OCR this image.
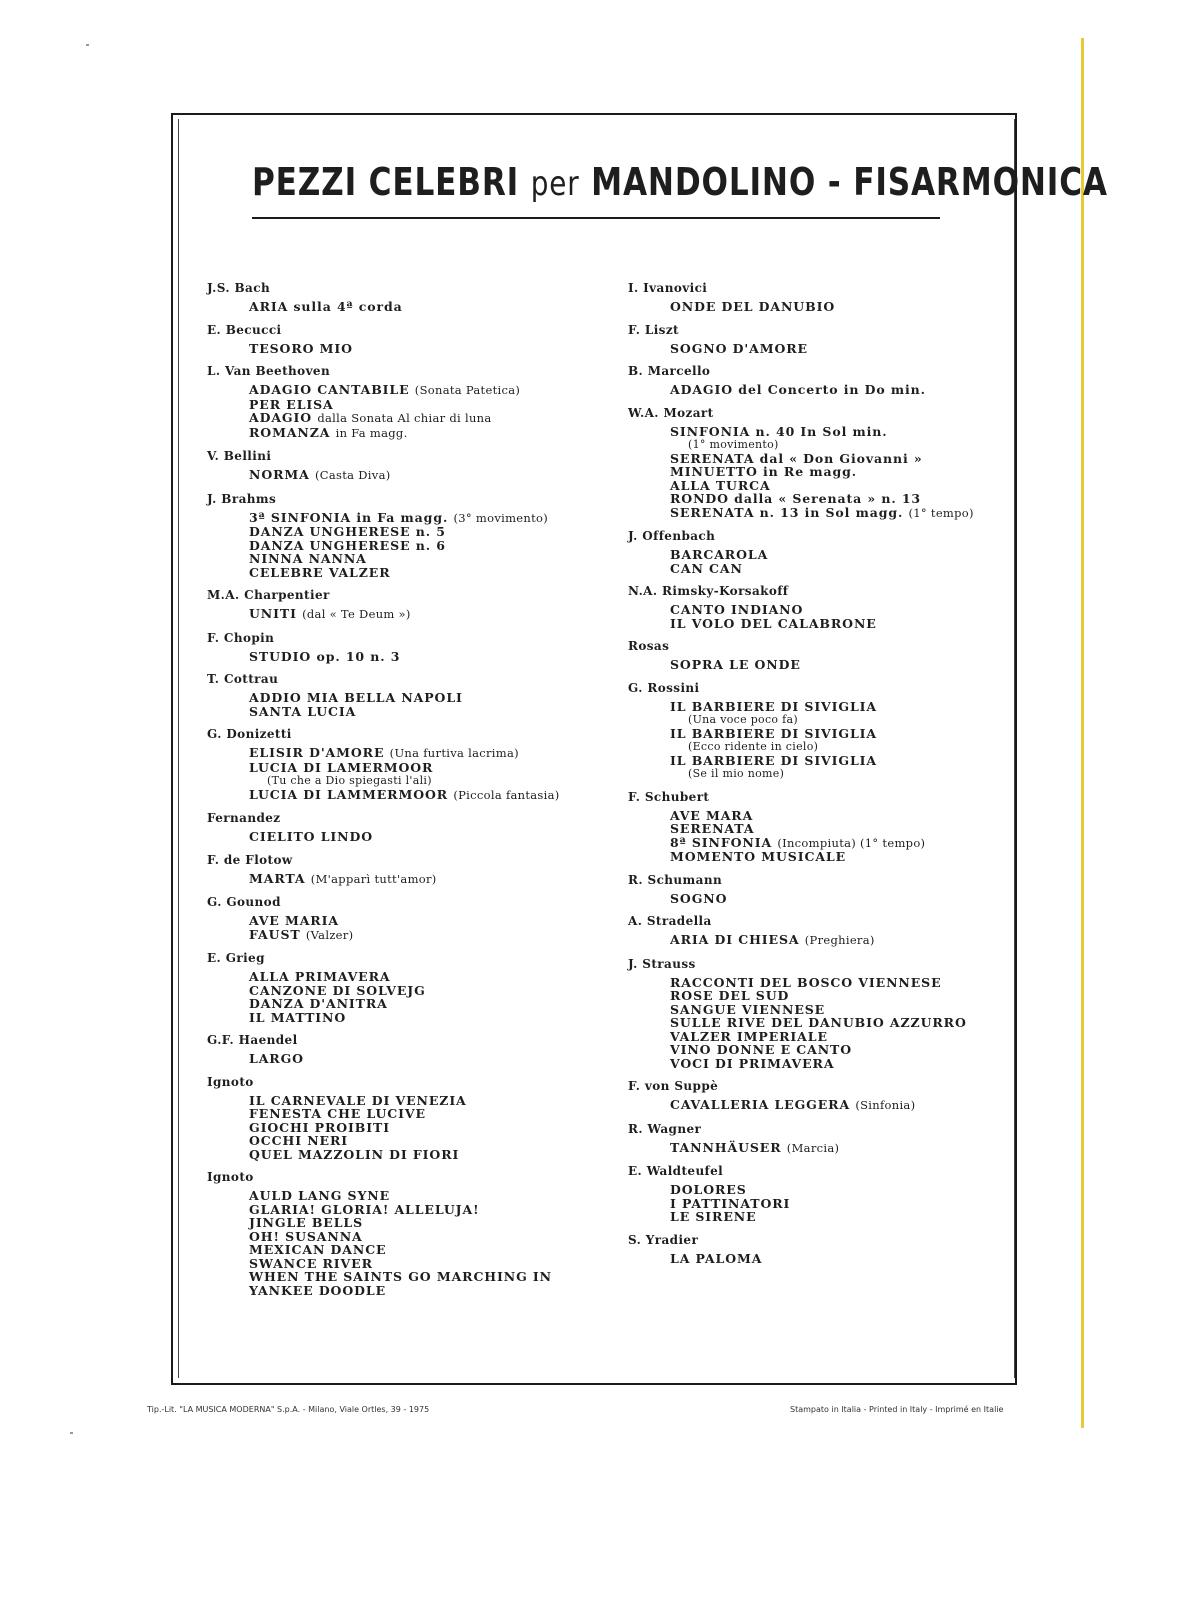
PEZZI CELEBRI per MANDOLINO - FISARMONICA
J.S. Bach
ARIA sulla 4ª corda
E. Becucci
TESORO MIO
L. Van Beethoven
ADAGIO CANTABILE (Sonata Patetica)
PER ELISA
ADAGIO dalla Sonata Al chiar di luna
ROMANZA in Fa magg.
V. Bellini
NORMA (Casta Diva)
J. Brahms
3ª SINFONIA in Fa magg. (3° movimento)
DANZA UNGHERESE n. 5
DANZA UNGHERESE n. 6
NINNA NANNA
CELEBRE VALZER
M.A. Charpentier
UNITI (dal « Te Deum »)
F. Chopin
STUDIO op. 10 n. 3
T. Cottrau
ADDIO MIA BELLA NAPOLI
SANTA LUCIA
G. Donizetti
ELISIR D'AMORE (Una furtiva lacrima)
LUCIA DI LAMERMOOR
(Tu che a Dio spiegasti l'ali)
LUCIA DI LAMMERMOOR (Piccola fantasia)
Fernandez
CIELITO LINDO
F. de Flotow
MARTA (M'apparì tutt'amor)
G. Gounod
AVE MARIA
FAUST (Valzer)
E. Grieg
ALLA PRIMAVERA
CANZONE DI SOLVEJG
DANZA D'ANITRA
IL MATTINO
G.F. Haendel
LARGO
Ignoto
IL CARNEVALE DI VENEZIA
FENESTA CHE LUCIVE
GIOCHI PROIBITI
OCCHI NERI
QUEL MAZZOLIN DI FIORI
Ignoto
AULD LANG SYNE
GLARIA! GLORIA! ALLELUJA!
JINGLE BELLS
OH! SUSANNA
MEXICAN DANCE
SWANCE RIVER
WHEN THE SAINTS GO MARCHING IN
YANKEE DOODLE
I. Ivanovici
ONDE DEL DANUBIO
F. Liszt
SOGNO D'AMORE
B. Marcello
ADAGIO del Concerto in Do min.
W.A. Mozart
SINFONIA n. 40 In Sol min.
(1° movimento)
SERENATA dal « Don Giovanni »
MINUETTO in Re magg.
ALLA TURCA
RONDO dalla « Serenata » n. 13
SERENATA n. 13 in Sol magg. (1° tempo)
J. Offenbach
BARCAROLA
CAN CAN
N.A. Rimsky-Korsakoff
CANTO INDIANO
IL VOLO DEL CALABRONE
Rosas
SOPRA LE ONDE
G. Rossini
IL BARBIERE DI SIVIGLIA
(Una voce poco fa)
IL BARBIERE DI SIVIGLIA
(Ecco ridente in cielo)
IL BARBIERE DI SIVIGLIA
(Se il mio nome)
F. Schubert
AVE MARA
SERENATA
8ª SINFONIA (Incompiuta) (1° tempo)
MOMENTO MUSICALE
R. Schumann
SOGNO
A. Stradella
ARIA DI CHIESA (Preghiera)
J. Strauss
RACCONTI DEL BOSCO VIENNESE
ROSE DEL SUD
SANGUE VIENNESE
SULLE RIVE DEL DANUBIO AZZURRO
VALZER IMPERIALE
VINO DONNE E CANTO
VOCI DI PRIMAVERA
F. von Suppè
CAVALLERIA LEGGERA (Sinfonia)
R. Wagner
TANNHÄUSER (Marcia)
E. Waldteufel
DOLORES
I PATTINATORI
LE SIRENE
S. Yradier
LA PALOMA
Tip.-Lit. "LA MUSICA MODERNA" S.p.A. - Milano, Viale Ortles, 39 - 1975	Stampato in Italia - Printed in Italy - Imprimé en Italie
